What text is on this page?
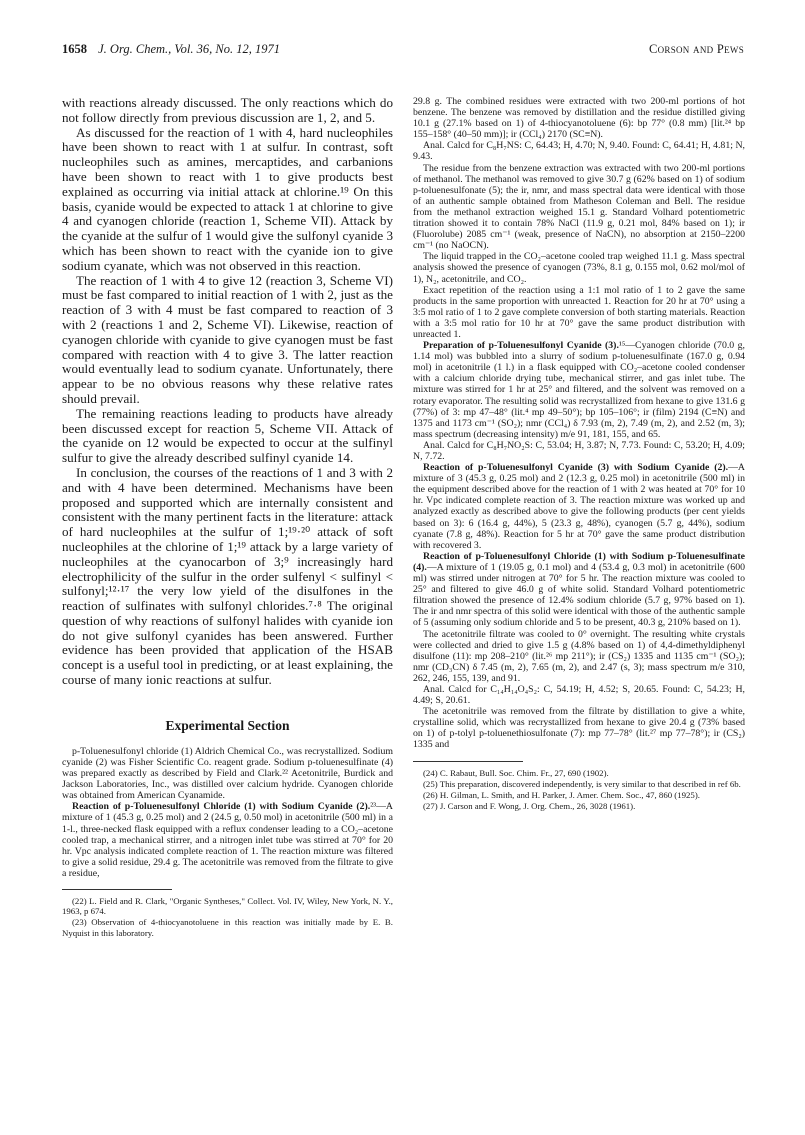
1658 J. Org. Chem., Vol. 36, No. 12, 1971	Corson and Pews

with reactions already discussed. The only reactions which do not follow directly from previous discussion are 1, 2, and 5.

As discussed for the reaction of 1 with 4, hard nucleophiles have been shown to react with 1 at sulfur. In contrast, soft nucleophiles such as amines, mercaptides, and carbanions have been shown to react with 1 to give products best explained as occurring via initial attack at chlorine.¹⁹ On this basis, cyanide would be expected to attack 1 at chlorine to give 4 and cyanogen chloride (reaction 1, Scheme VII). Attack by the cyanide at the sulfur of 1 would give the sulfonyl cyanide 3 which has been shown to react with the cyanide ion to give sodium cyanate, which was not observed in this reaction.

The reaction of 1 with 4 to give 12 (reaction 3, Scheme VI) must be fast compared to initial reaction of 1 with 2, just as the reaction of 3 with 4 must be fast compared to reaction of 3 with 2 (reactions 1 and 2, Scheme VI). Likewise, reaction of cyanogen chloride with cyanide to give cyanogen must be fast compared with reaction with 4 to give 3. The latter reaction would eventually lead to sodium cyanate. Unfortunately, there appear to be no obvious reasons why these relative rates should prevail.

The remaining reactions leading to products have already been discussed except for reaction 5, Scheme VII. Attack of the cyanide on 12 would be expected to occur at the sulfinyl sulfur to give the already described sulfinyl cyanide 14.

In conclusion, the courses of the reactions of 1 and 3 with 2 and with 4 have been determined. Mechanisms have been proposed and supported which are internally consistent and consistent with the many pertinent facts in the literature: attack of hard nucleophiles at the sulfur of 1;¹⁹·²⁰ attack of soft nucleophiles at the chlorine of 1;¹⁹ attack by a large variety of nucleophiles at the cyanocarbon of 3;⁹ increasingly hard electrophilicity of the sulfur in the order sulfenyl < sulfinyl < sulfonyl;¹²·¹⁷ the very low yield of the disulfones in the reaction of sulfinates with sulfonyl chlorides.⁷·⁸ The original question of why reactions of sulfonyl halides with cyanide ion do not give sulfonyl cyanides has been answered. Further evidence has been provided that application of the HSAB concept is a useful tool in predicting, or at least explaining, the course of many ionic reactions at sulfur.

Experimental Section

p-Toluenesulfonyl chloride (1) Aldrich Chemical Co., was recrystallized. Sodium cyanide (2) was Fisher Scientific Co. reagent grade. Sodium p-toluenesulfinate (4) was prepared exactly as described by Field and Clark.²² Acetonitrile, Burdick and Jackson Laboratories, Inc., was distilled over calcium hydride. Cyanogen chloride was obtained from American Cyanamide.

Reaction of p-Toluenesulfonyl Chloride (1) with Sodium Cyanide (2).²³—A mixture of 1 (45.3 g, 0.25 mol) and 2 (24.5 g, 0.50 mol) in acetonitrile (500 ml) in a 1-l., three-necked flask equipped with a reflux condenser leading to a CO₂–acetone cooled trap, a mechanical stirrer, and a nitrogen inlet tube was stirred at 70° for 20 hr. Vpc analysis indicated complete reaction of 1. The reaction mixture was filtered to give a solid residue, 29.4 g. The acetonitrile was removed from the filtrate to give a residue,

(22) L. Field and R. Clark, "Organic Syntheses," Collect. Vol. IV, Wiley, New York, N. Y., 1963, p 674.

(23) Observation of 4-thiocyanotoluene in this reaction was initially made by E. B. Nyquist in this laboratory.

29.8 g. The combined residues were extracted with two 200-ml portions of hot benzene. The benzene was removed by distillation and the residue distilled giving 10.1 g (27.1% based on 1) of 4-thiocyanotoluene (6): bp 77° (0.8 mm) [lit.²⁴ bp 155–158° (40–50 mm)]; ir (CCl₄) 2170 (SC≡N).

Anal. Calcd for C₈H₇NS: C, 64.43; H, 4.70; N, 9.40. Found: C, 64.41; H, 4.81; N, 9.43.

The residue from the benzene extraction was extracted with two 200-ml portions of methanol. The methanol was removed to give 30.7 g (62% based on 1) of sodium p-toluenesulfonate (5); the ir, nmr, and mass spectral data were identical with those of an authentic sample obtained from Matheson Coleman and Bell. The residue from the methanol extraction weighed 15.1 g. Standard Volhard potentiometric titration showed it to contain 78% NaCl (11.9 g, 0.21 mol, 84% based on 1); ir (Fluorolube) 2085 cm⁻¹ (weak, presence of NaCN), no absorption at 2150–2200 cm⁻¹ (no NaOCN).

The liquid trapped in the CO₂–acetone cooled trap weighed 11.1 g. Mass spectral analysis showed the presence of cyanogen (73%, 8.1 g, 0.155 mol, 0.62 mol/mol of 1), N₂, acetonitrile, and CO₂.

Exact repetition of the reaction using a 1:1 mol ratio of 1 to 2 gave the same products in the same proportion with unreacted 1. Reaction for 20 hr at 70° using a 3:5 mol ratio of 1 to 2 gave complete conversion of both starting materials. Reaction with a 3:5 mol ratio for 10 hr at 70° gave the same product distribution with unreacted 1.

Preparation of p-Toluenesulfonyl Cyanide (3).¹⁵—Cyanogen chloride (70.0 g, 1.14 mol) was bubbled into a slurry of sodium p-toluenesulfinate (167.0 g, 0.94 mol) in acetonitrile (1 l.) in a flask equipped with CO₂–acetone cooled condenser with a calcium chloride drying tube, mechanical stirrer, and gas inlet tube. The mixture was stirred for 1 hr at 25° and filtered, and the solvent was removed on a rotary evaporator. The resulting solid was recrystallized from hexane to give 131.6 g (77%) of 3: mp 47–48° (lit.⁴ mp 49–50°); bp 105–106°; ir (film) 2194 (C≡N) and 1375 and 1173 cm⁻¹ (SO₂); nmr (CCl₄) δ 7.93 (m, 2), 7.49 (m, 2), and 2.52 (m, 3); mass spectrum (decreasing intensity) m/e 91, 181, 155, and 65.

Anal. Calcd for C₈H₇NO₂S: C, 53.04; H, 3.87; N, 7.73. Found: C, 53.20; H, 4.09; N, 7.72.

Reaction of p-Toluenesulfonyl Cyanide (3) with Sodium Cyanide (2).—A mixture of 3 (45.3 g, 0.25 mol) and 2 (12.3 g, 0.25 mol) in acetonitrile (500 ml) in the equipment described above for the reaction of 1 with 2 was heated at 70° for 10 hr. Vpc indicated complete reaction of 3. The reaction mixture was worked up and analyzed exactly as described above to give the following products (per cent yields based on 3): 6 (16.4 g, 44%), 5 (23.3 g, 48%), cyanogen (5.7 g, 44%), sodium cyanate (7.8 g, 48%). Reaction for 5 hr at 70° gave the same product distribution with recovered 3.

Reaction of p-Toluenesulfonyl Chloride (1) with Sodium p-Toluenesulfinate (4).—A mixture of 1 (19.05 g, 0.1 mol) and 4 (53.4 g, 0.3 mol) in acetonitrile (600 ml) was stirred under nitrogen at 70° for 5 hr. The reaction mixture was cooled to 25° and filtered to give 46.0 g of white solid. Standard Volhard potentiometric filtration showed the presence of 12.4% sodium chloride (5.7 g, 97% based on 1). The ir and nmr spectra of this solid were identical with those of the authentic sample of 5 (assuming only sodium chloride and 5 to be present, 40.3 g, 210% based on 1).

The acetonitrile filtrate was cooled to 0° overnight. The resulting white crystals were collected and dried to give 1.5 g (4.8% based on 1) of 4,4-dimethyldiphenyl disulfone (11): mp 208–210° (lit.²⁶ mp 211°); ir (CS₂) 1335 and 1135 cm⁻¹ (SO₂); nmr (CD₃CN) δ 7.45 (m, 2), 7.65 (m, 2), and 2.47 (s, 3); mass spectrum m/e 310, 262, 246, 155, 139, and 91.

Anal. Calcd for C₁₄H₁₄O₄S₂: C, 54.19; H, 4.52; S, 20.65. Found: C, 54.23; H, 4.49; S, 20.61.

The acetonitrile was removed from the filtrate by distillation to give a white, crystalline solid, which was recrystallized from hexane to give 20.4 g (73% based on 1) of p-tolyl p-toluenethiosulfonate (7): mp 77–78° (lit.²⁷ mp 77–78°); ir (CS₂) 1335 and

(24) C. Rabaut, Bull. Soc. Chim. Fr., 27, 690 (1902).

(25) This preparation, discovered independently, is very similar to that described in ref 6b.

(26) H. Gilman, L. Smith, and H. Parker, J. Amer. Chem. Soc., 47, 860 (1925).

(27) J. Carson and F. Wong, J. Org. Chem., 26, 3028 (1961).
